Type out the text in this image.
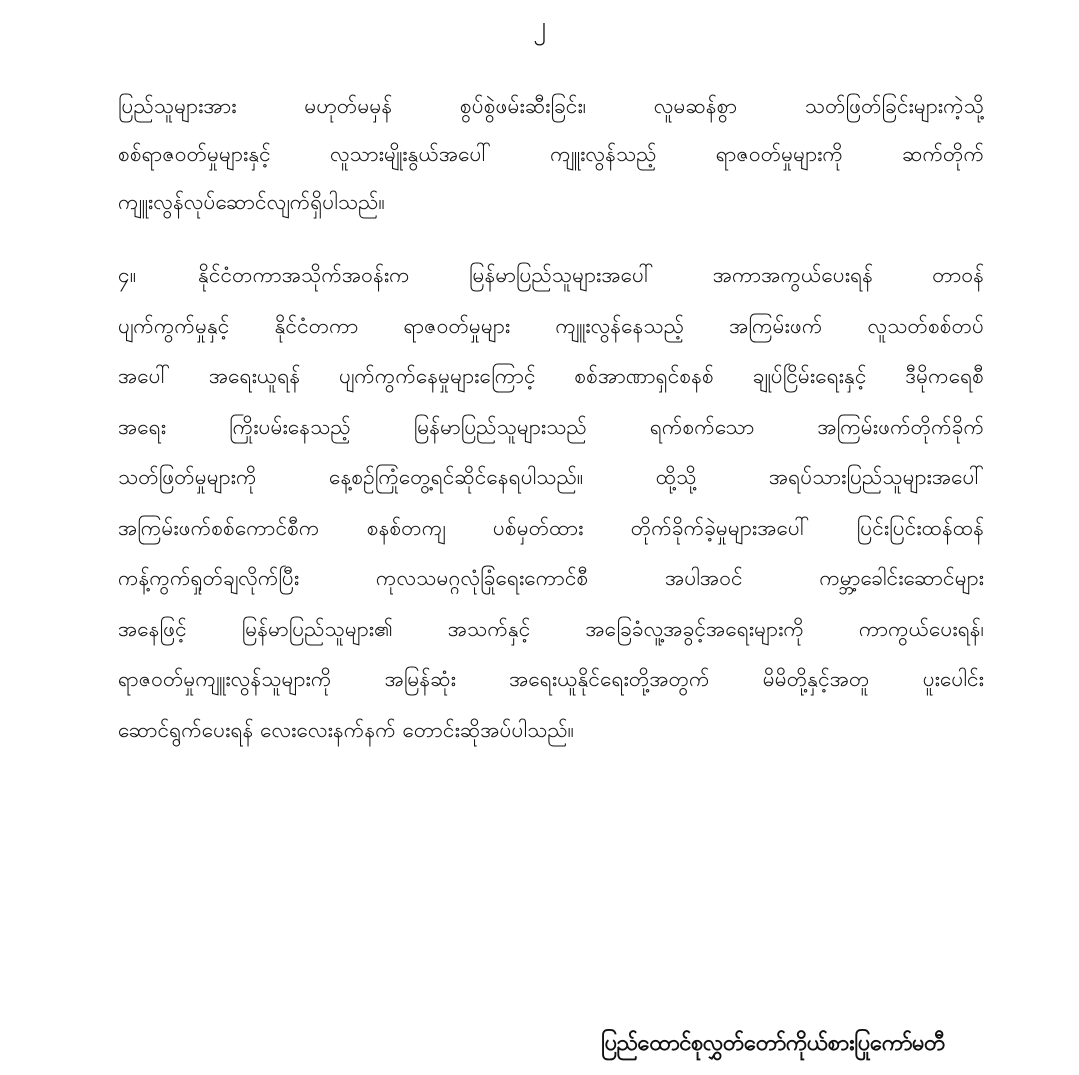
၂
ပြည်သူများအား မဟုတ်မမှန် စွပ်စွဲဖမ်းဆီးခြင်း၊ လူမဆန်စွာ သတ်ဖြတ်ခြင်းများကဲ့သို့
စစ်ရာဇဝတ်မှုများနှင့် လူသားမျိုးနွယ်အပေါ် ကျူးလွန်သည့် ရာဇဝတ်မှုများကို ဆက်တိုက်
ကျူးလွန်လုပ်ဆောင်လျက်ရှိပါသည်။
၄။	နိုင်ငံတကာအသိုက်အဝန်းက မြန်မာပြည်သူများအပေါ် အကာအကွယ်ပေးရန် တာဝန်
ပျက်ကွက်မှုနှင့် နိုင်ငံတကာ ရာဇဝတ်မှုများ ကျူးလွန်နေသည့် အကြမ်းဖက် လူသတ်စစ်တပ်
အပေါ် အရေးယူရန် ပျက်ကွက်နေမှုများကြောင့် စစ်အာဏာရှင်စနစ် ချုပ်ငြိမ်းရေးနှင့် ဒီမိုကရေစီ
အရေး ကြိုးပမ်းနေသည့် မြန်မာပြည်သူများသည် ရက်စက်သော အကြမ်းဖက်တိုက်ခိုက်
သတ်ဖြတ်မှုများကို နေ့စဉ်ကြုံတွေ့ရင်ဆိုင်နေရပါသည်။ ထို့သို့ အရပ်သားပြည်သူများအပေါ်
အကြမ်းဖက်စစ်ကောင်စီက စနစ်တကျ ပစ်မှတ်ထား တိုက်ခိုက်ခဲ့မှုများအပေါ် ပြင်းပြင်းထန်ထန်
ကန့်ကွက်ရှုတ်ချလိုက်ပြီး ကုလသမဂ္ဂလုံခြုံရေးကောင်စီ အပါအဝင် ကမ္ဘာ့ခေါင်းဆောင်များ
အနေဖြင့် မြန်မာပြည်သူများ၏ အသက်နှင့် အခြေခံလူ့အခွင့်အရေးများကို ကာကွယ်ပေးရန်၊
ရာဇဝတ်မှုကျူးလွန်သူများကို အမြန်ဆုံး အရေးယူနိုင်ရေးတို့အတွက် မိမိတို့နှင့်အတူ ပူးပေါင်း
ဆောင်ရွက်ပေးရန် လေးလေးနက်နက် တောင်းဆိုအပ်ပါသည်။
ပြည်ထောင်စုလွှတ်တော်ကိုယ်စားပြုကော်မတီ
